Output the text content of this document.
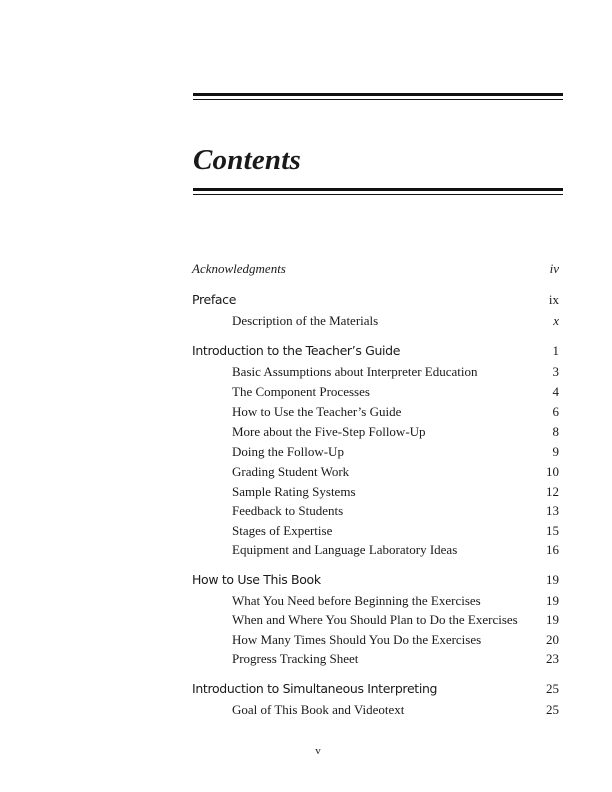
Contents
Acknowledgments	iv
Preface	ix
Description of the Materials	x
Introduction to the Teacher’s Guide	1
Basic Assumptions about Interpreter Education	3
The Component Processes	4
How to Use the Teacher’s Guide	6
More about the Five-Step Follow-Up	8
Doing the Follow-Up	9
Grading Student Work	10
Sample Rating Systems	12
Feedback to Students	13
Stages of Expertise	15
Equipment and Language Laboratory Ideas	16
How to Use This Book	19
What You Need before Beginning the Exercises	19
When and Where You Should Plan to Do the Exercises 19
How Many Times Should You Do the Exercises	20
Progress Tracking Sheet	23
Introduction to Simultaneous Interpreting	25
Goal of This Book and Videotext	25
v
